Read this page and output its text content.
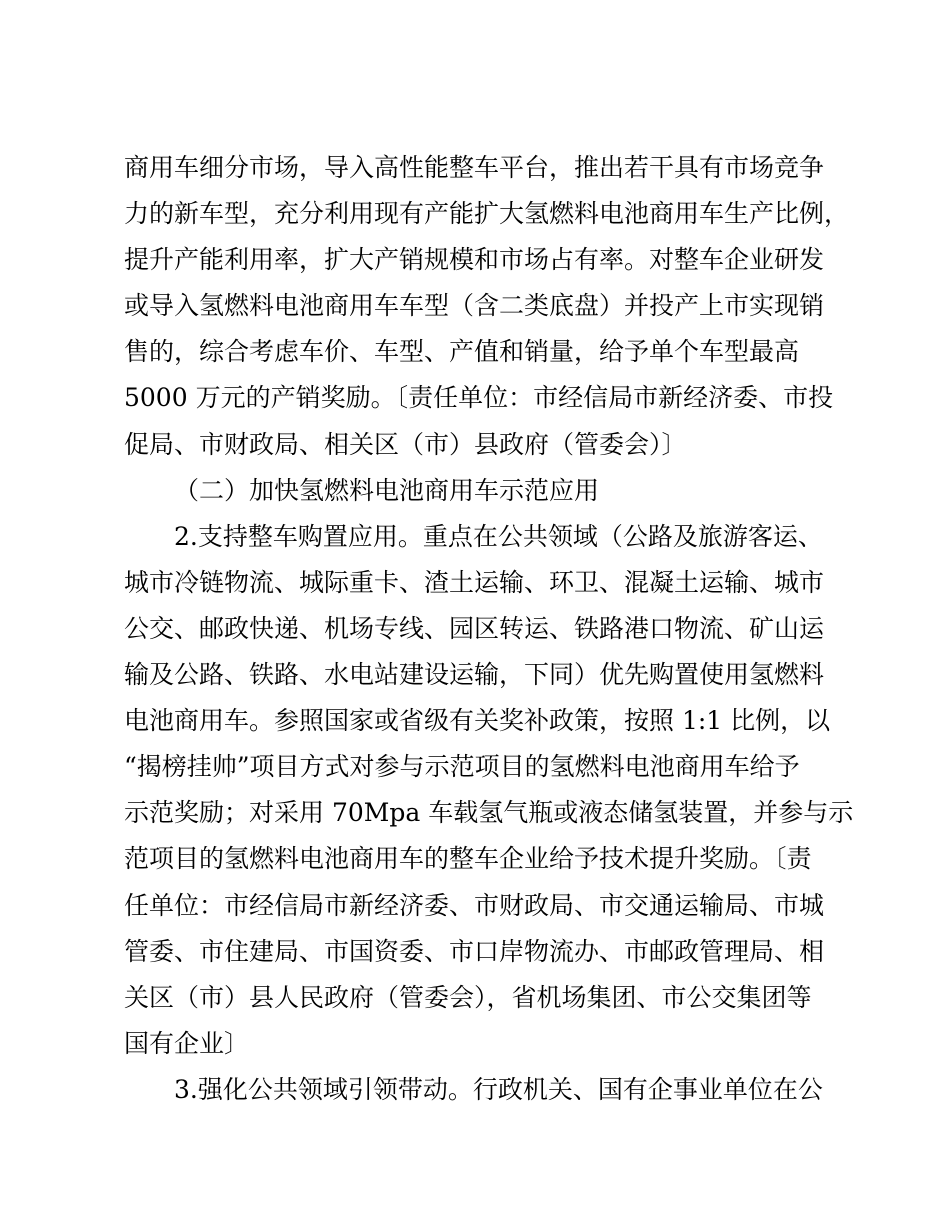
商用车细分市场，导入高性能整车平台，推出若干具有市场竞争
力的新车型，充分利用现有产能扩大氢燃料电池商用车生产比例，
提升产能利用率，扩大产销规模和市场占有率。对整车企业研发
或导入氢燃料电池商用车车型（含二类底盘）并投产上市实现销
售的，综合考虑车价、车型、产值和销量，给予单个车型最高
5000 万元的产销奖励。〔责任单位：市经信局市新经济委、市投
促局、市财政局、相关区（市）县政府（管委会）〕
（二）加快氢燃料电池商用车示范应用
2.支持整车购置应用。重点在公共领域（公路及旅游客运、
城市冷链物流、城际重卡、渣土运输、环卫、混凝土运输、城市
公交、邮政快递、机场专线、园区转运、铁路港口物流、矿山运
输及公路、铁路、水电站建设运输，下同）优先购置使用氢燃料
电池商用车。参照国家或省级有关奖补政策，按照 1:1 比例，以
“揭榜挂帅”项目方式对参与示范项目的氢燃料电池商用车给予
示范奖励；对采用 70Mpa 车载氢气瓶或液态储氢装置，并参与示
范项目的氢燃料电池商用车的整车企业给予技术提升奖励。〔责
任单位：市经信局市新经济委、市财政局、市交通运输局、市城
管委、市住建局、市国资委、市口岸物流办、市邮政管理局、相
关区（市）县人民政府（管委会），省机场集团、市公交集团等
国有企业〕
3.强化公共领域引领带动。行政机关、国有企事业单位在公
